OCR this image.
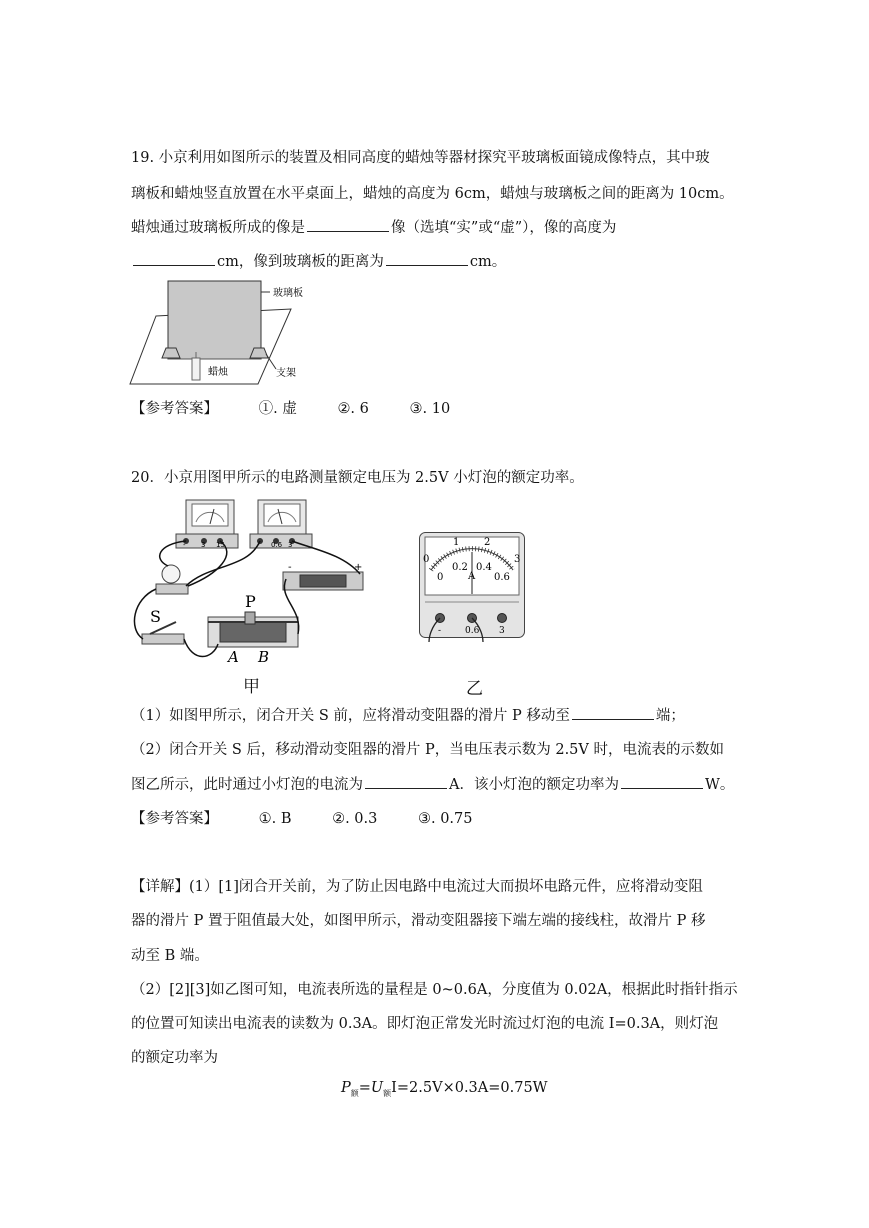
19. 小京利用如图所示的装置及相同高度的蜡烛等器材探究平玻璃板面镜成像特点，其中玻
璃板和蜡烛竖直放置在水平桌面上，蜡烛的高度为 6cm，蜡烛与玻璃板之间的距离为 10cm。
蜡烛通过玻璃板所成的像是	像（选填“实”或“虚”），像的高度为
cm，像到玻璃板的距离为	cm。
玻璃板
蜡烛	支架
【参考答案】	①. 虚	②. 6	③. 10
20．小京用图甲所示的电路测量额定电压为 2.5V 小灯泡的额定功率。
- 3 15	- 0.6 3
-	+
S
P
A B
甲
0
1 2
3
0
0.2 0.4
0.6
A
-	0.6 3
乙
（1）如图甲所示，闭合开关 S 前，应将滑动变阻器的滑片 P 移动至	端；
（2）闭合开关 S 后，移动滑动变阻器的滑片 P，当电压表示数为 2.5V 时，电流表的示数如
图乙所示，此时通过小灯泡的电流为	A．该小灯泡的额定功率为	W。
【参考答案】	①. B	②. 0.3	③. 0.75
【详解】(1）[1]闭合开关前，为了防止因电路中电流过大而损坏电路元件，应将滑动变阻
器的滑片 P 置于阻值最大处，如图甲所示，滑动变阻器接下端左端的接线柱，故滑片 P 移
动至 B 端。
（2）[2][3]如乙图可知，电流表所选的量程是 0~0.6A，分度值为 0.02A，根据此时指针指示
的位置可知读出电流表的读数为 0.3A。即灯泡正常发光时流过灯泡的电流 I=0.3A，则灯泡
的额定功率为
$P_额=U_额I=2.5V\times 0.3A=0.75W$
